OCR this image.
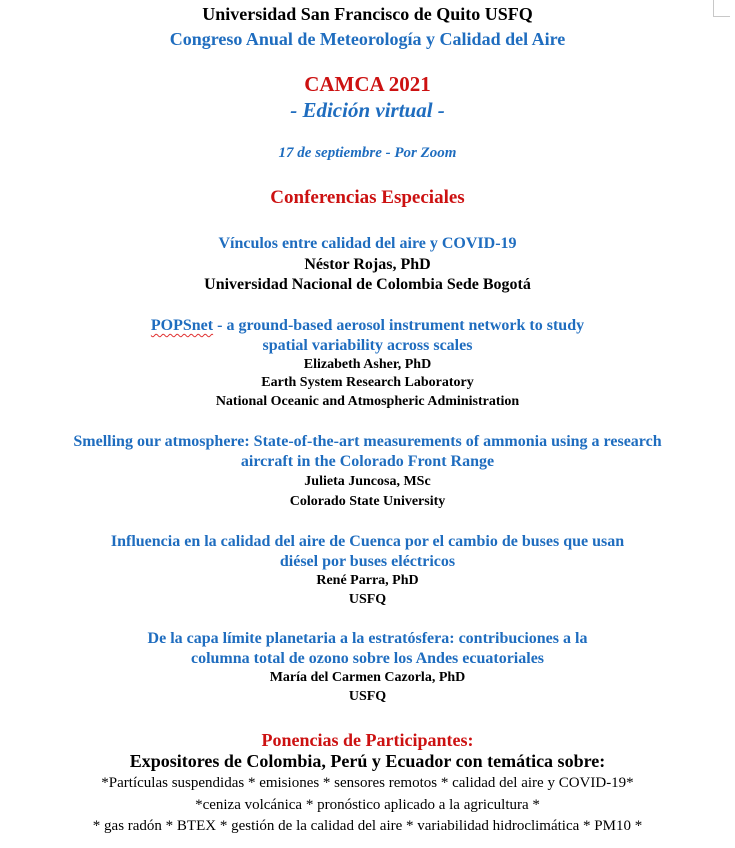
Universidad San Francisco de Quito USFQ
Congreso Anual de Meteorología y Calidad del Aire
CAMCA 2021
- Edición virtual -
17 de septiembre - Por Zoom
Conferencias Especiales
Vínculos entre calidad del aire y COVID-19
Néstor Rojas, PhD
Universidad Nacional de Colombia Sede Bogotá
POPSnet - a ground-based aerosol instrument network to study
spatial variability across scales
Elizabeth Asher, PhD
Earth System Research Laboratory
National Oceanic and Atmospheric Administration
Smelling our atmosphere: State-of-the-art measurements of ammonia using a research
aircraft in the Colorado Front Range
Julieta Juncosa, MSc
Colorado State University
Influencia en la calidad del aire de Cuenca por el cambio de buses que usan
diésel por buses eléctricos
René Parra, PhD
USFQ
De la capa límite planetaria a la estratósfera: contribuciones a la
columna total de ozono sobre los Andes ecuatoriales
María del Carmen Cazorla, PhD
USFQ
Ponencias de Participantes:
Expositores de Colombia, Perú y Ecuador con temática sobre:
*Partículas suspendidas * emisiones * sensores remotos * calidad del aire y COVID-19*
*ceniza volcánica * pronóstico aplicado a la agricultura *
* gas radón * BTEX * gestión de la calidad del aire * variabilidad hidroclimática * PM10 *
